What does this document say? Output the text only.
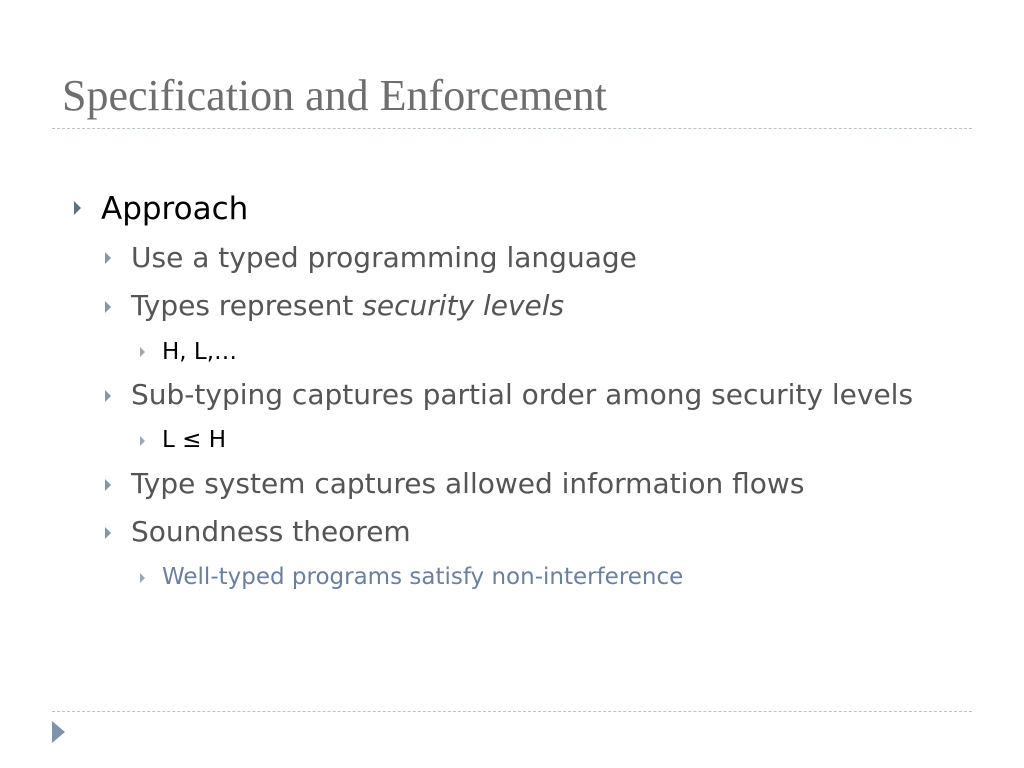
Specification and Enforcement
Approach
Use a typed programming language
Types represent security levels
H, L,…
Sub-typing captures partial order among security levels
L ≤ H
Type system captures allowed information flows
Soundness theorem
Well-typed programs satisfy non-interference
